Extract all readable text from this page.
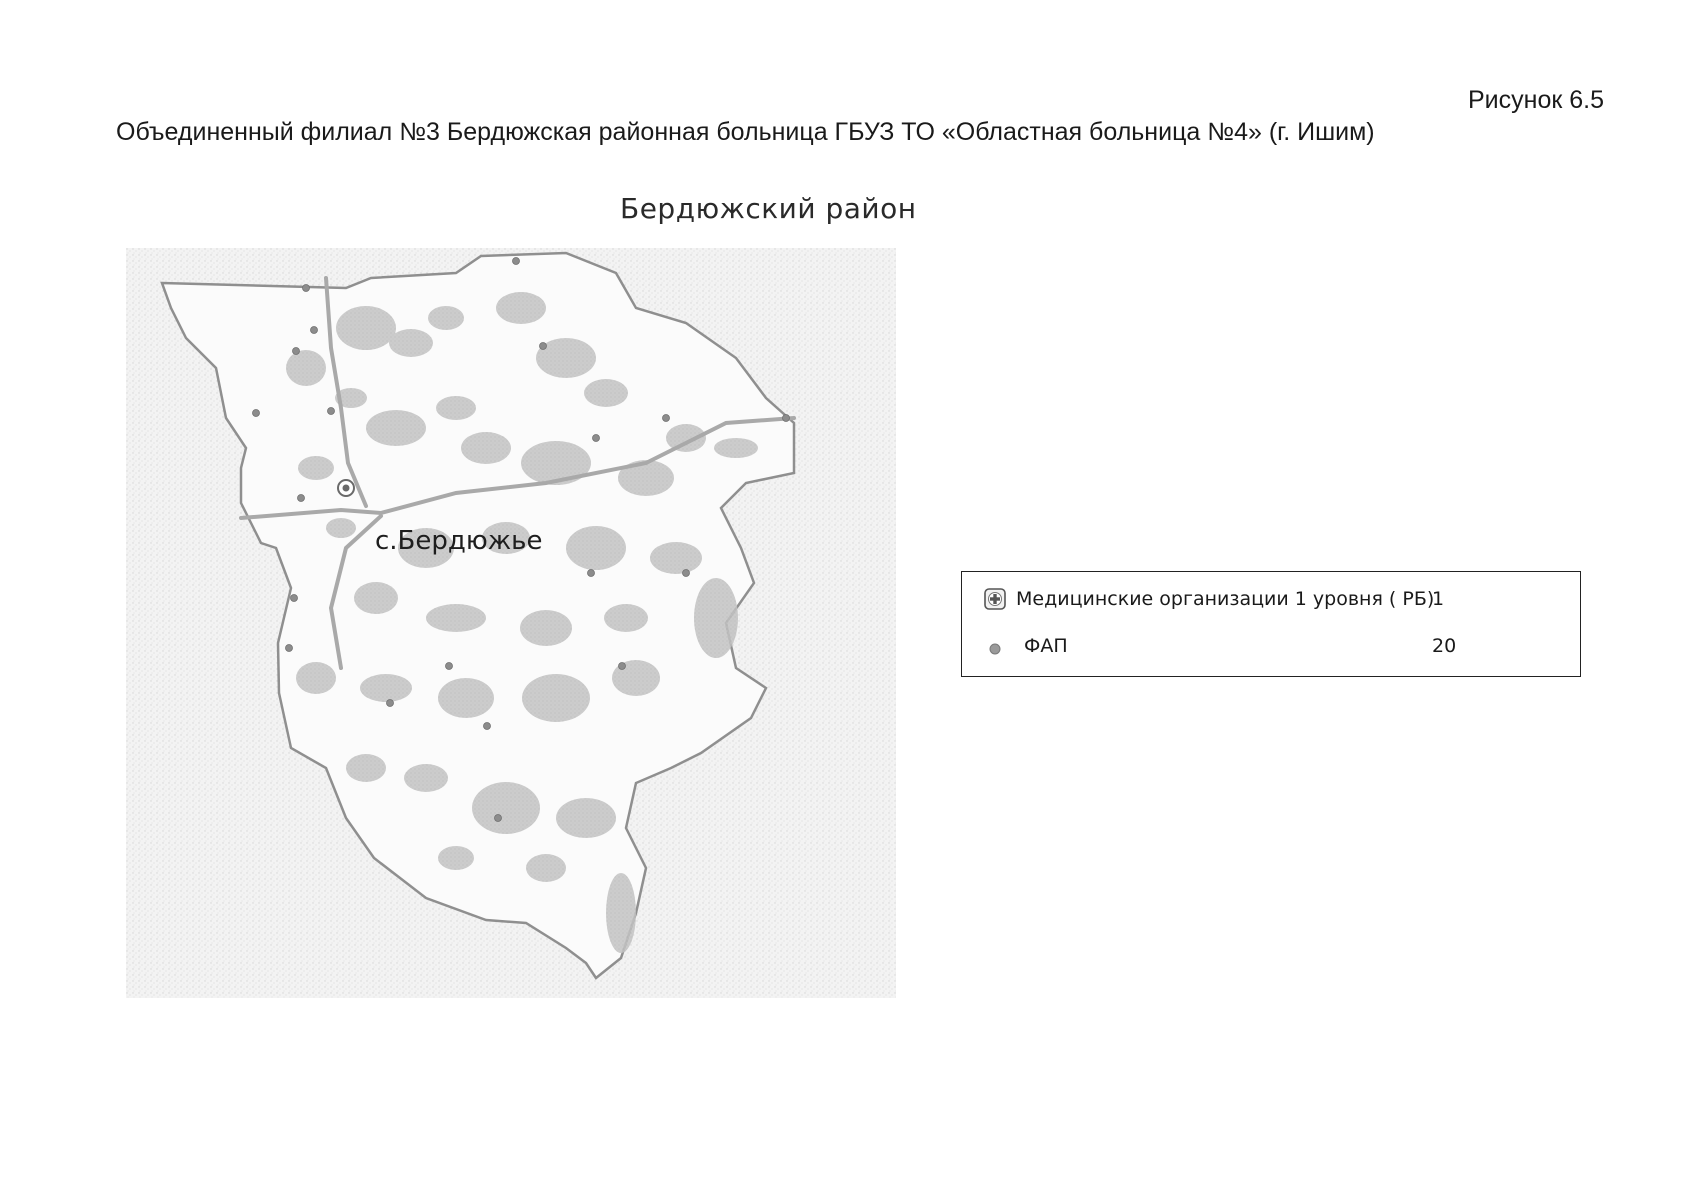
Рисунок 6.5
Объединенный филиал №3 Бердюжская районная больница ГБУЗ ТО «Областная больница №4» (г. Ишим)
Бердюжский район
с.Бердюжье
Медицинские организации 1 уровня ( РБ)
1
ФАП	20
